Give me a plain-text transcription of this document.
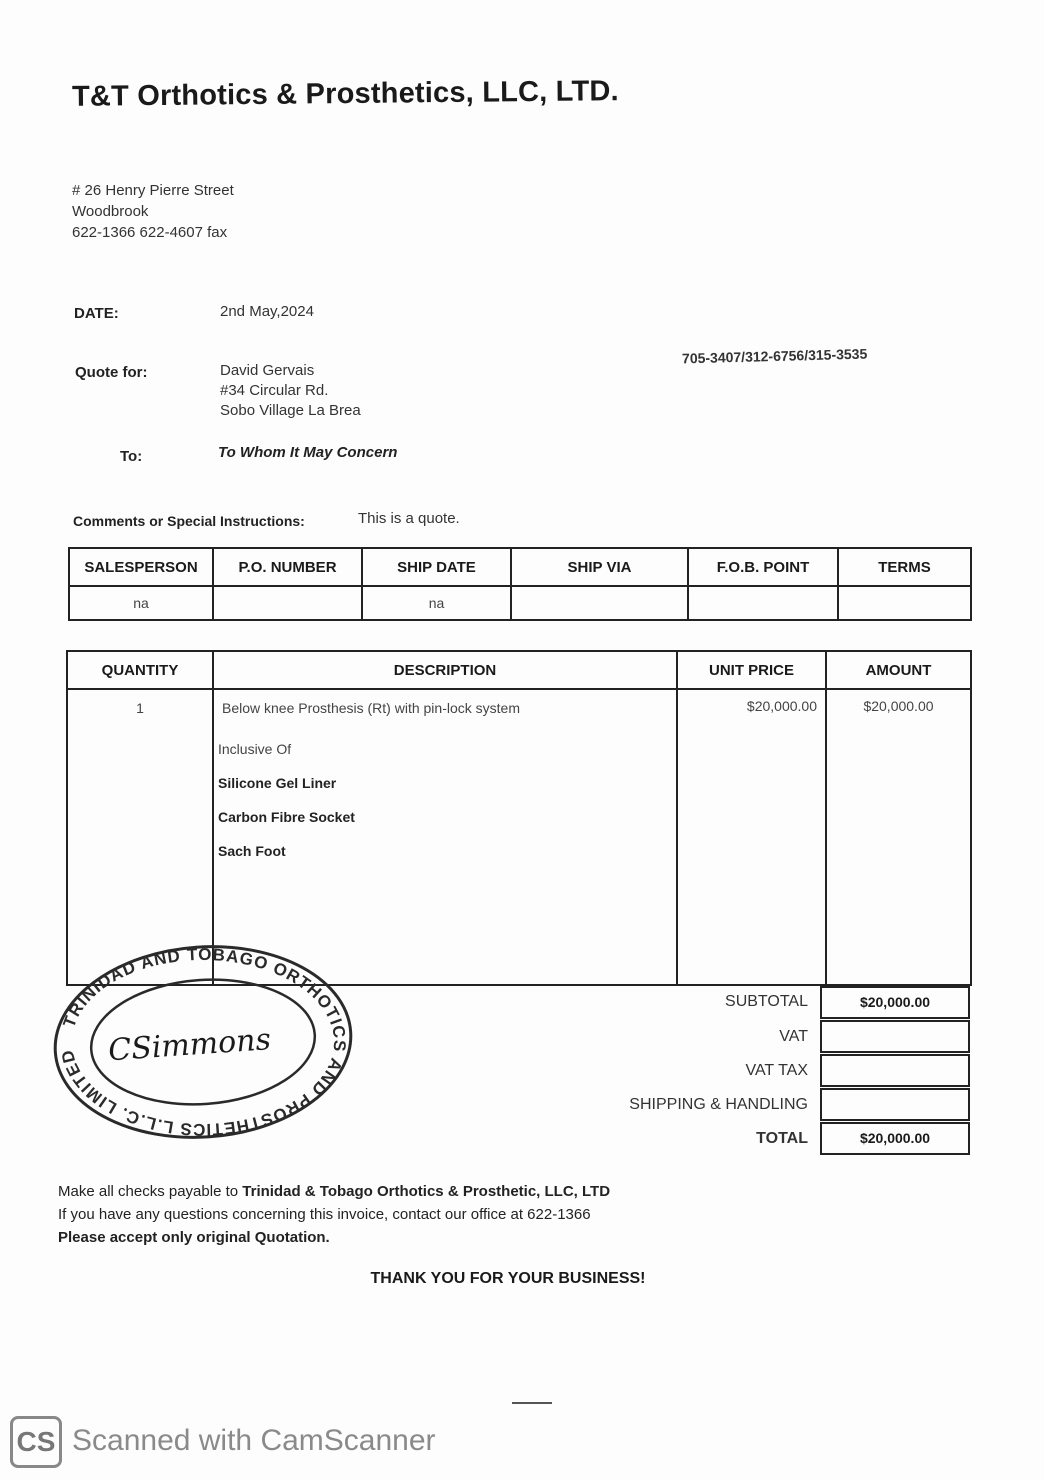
T&T Orthotics & Prosthetics, LLC, LTD.
# 26 Henry Pierre Street
Woodbrook
622-1366 622-4607 fax
DATE:	2nd May,2024
Quote for:	David Gervais
#34 Circular Rd.
Sobo Village La Brea
705-3407/312-6756/315-3535
To:	To Whom It May Concern
Comments or Special Instructions:	This is a quote.
SALESPERSON	P.O. NUMBER	SHIP DATE	SHIP VIA	F.O.B. POINT	TERMS
na		na			
QUANTITY	DESCRIPTION	UNIT PRICE	AMOUNT
1	Below knee Prosthesis (Rt) with pin-lock system
Inclusive Of
Silicone Gel Liner
Carbon Fibre Socket
Sach Foot	$20,000.00	$20,000.00
SUBTOTAL	$20,000.00
VAT
VAT TAX
SHIPPING & HANDLING
TOTAL	$20,000.00
TRINIDAD AND TOBAGO ORTHOTICS AND PROSTHETICS L.L.C. LIMITED CSimmons
Make all checks payable to Trinidad & Tobago Orthotics & Prosthetic, LLC, LTD
If you have any questions concerning this invoice, contact our office at 622-1366
Please accept only original Quotation.
THANK YOU FOR YOUR BUSINESS!
CS Scanned with CamScanner
